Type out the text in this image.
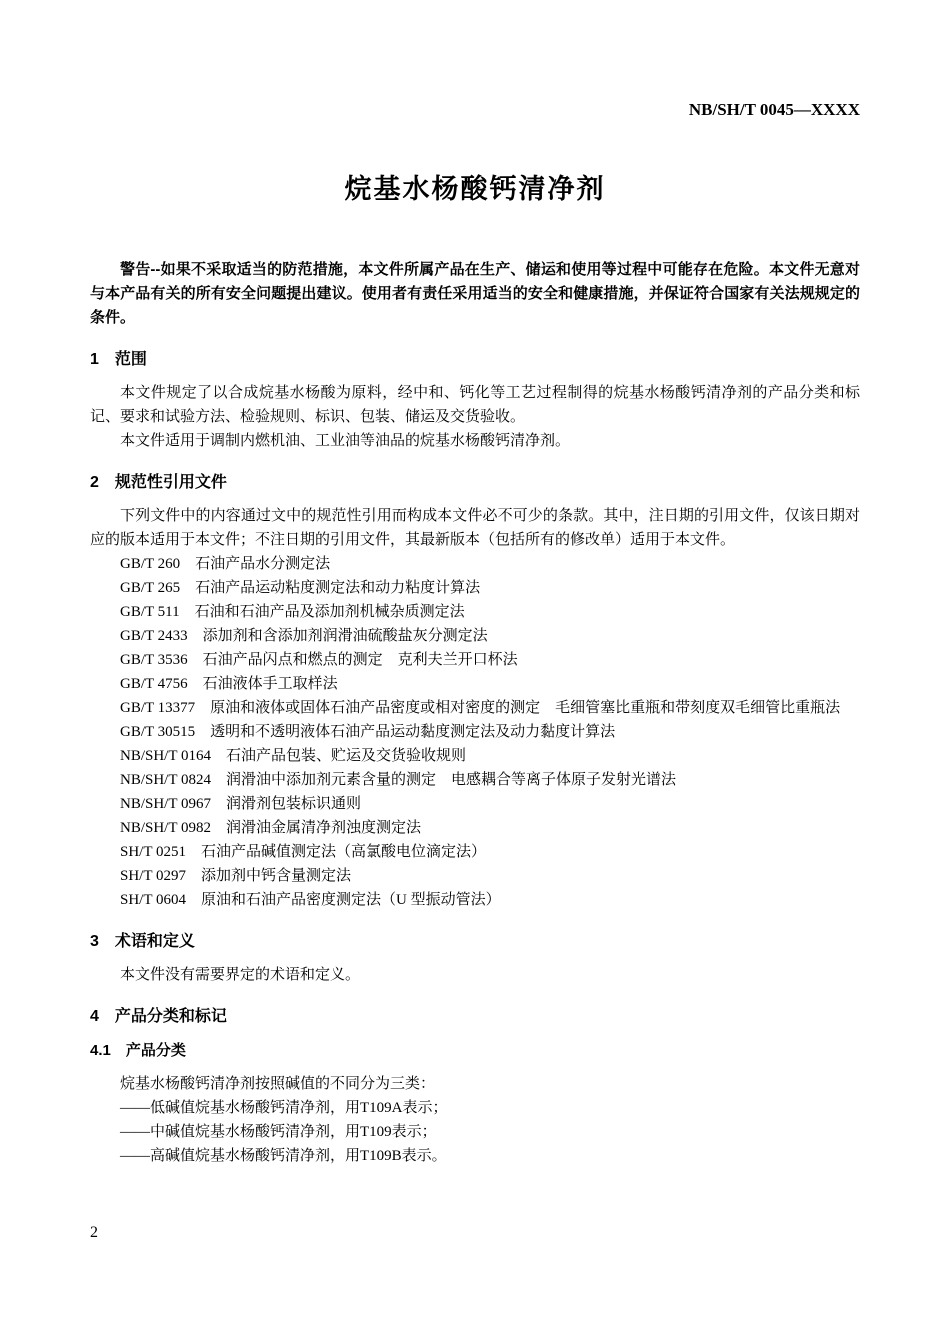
NB/SH/T 0045—XXXX
烷基水杨酸钙清净剂

警告--如果不采取适当的防范措施，本文件所属产品在生产、储运和使用等过程中可能存在危险。本文件无意对与本产品有关的所有安全问题提出建议。使用者有责任采用适当的安全和健康措施，并保证符合国家有关法规规定的条件。

1　范围

本文件规定了以合成烷基水杨酸为原料，经中和、钙化等工艺过程制得的烷基水杨酸钙清净剂的产品分类和标记、要求和试验方法、检验规则、标识、包装、储运及交货验收。

本文件适用于调制内燃机油、工业油等油品的烷基水杨酸钙清净剂。

2　规范性引用文件

下列文件中的内容通过文中的规范性引用而构成本文件必不可少的条款。其中，注日期的引用文件，仅该日期对应的版本适用于本文件；不注日期的引用文件，其最新版本（包括所有的修改单）适用于本文件。

GB/T 260　石油产品水分测定法

GB/T 265　石油产品运动粘度测定法和动力粘度计算法

GB/T 511　石油和石油产品及添加剂机械杂质测定法

GB/T 2433　添加剂和含添加剂润滑油硫酸盐灰分测定法

GB/T 3536　石油产品闪点和燃点的测定　克利夫兰开口杯法

GB/T 4756　石油液体手工取样法

GB/T 13377　原油和液体或固体石油产品密度或相对密度的测定　毛细管塞比重瓶和带刻度双毛细管比重瓶法

GB/T 30515　透明和不透明液体石油产品运动黏度测定法及动力黏度计算法

NB/SH/T 0164　石油产品包装、贮运及交货验收规则

NB/SH/T 0824　润滑油中添加剂元素含量的测定　电感耦合等离子体原子发射光谱法

NB/SH/T 0967　润滑剂包装标识通则

NB/SH/T 0982　润滑油金属清净剂浊度测定法

SH/T 0251　石油产品碱值测定法（高氯酸电位滴定法）

SH/T 0297　添加剂中钙含量测定法

SH/T 0604　原油和石油产品密度测定法（U 型振动管法）

3　术语和定义

本文件没有需要界定的术语和定义。

4　产品分类和标记
4.1　产品分类

烷基水杨酸钙清净剂按照碱值的不同分为三类：

——低碱值烷基水杨酸钙清净剂，用T109A表示；

——中碱值烷基水杨酸钙清净剂，用T109表示；

——高碱值烷基水杨酸钙清净剂，用T109B表示。

2
